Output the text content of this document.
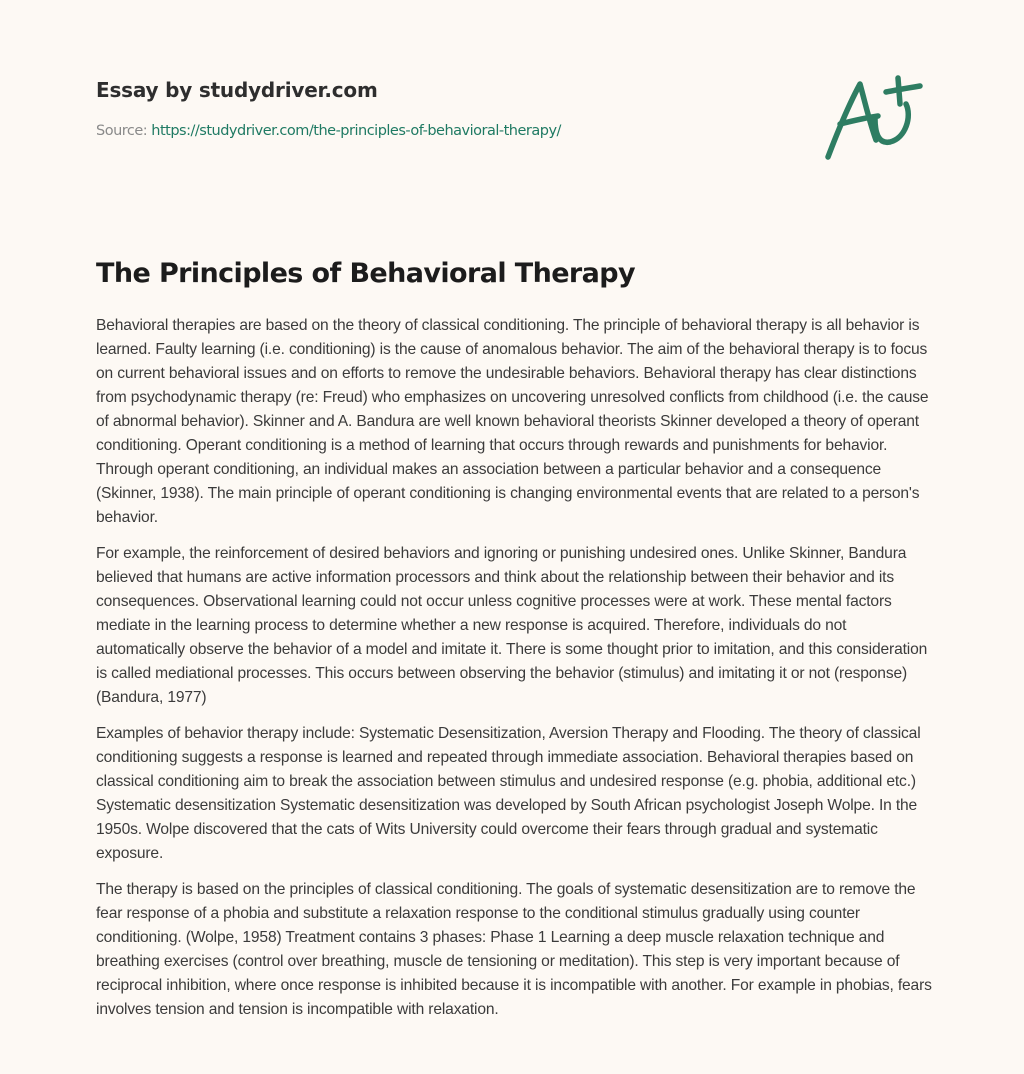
Essay by studydriver.com
Source: https://studydriver.com/the-principles-of-behavioral-therapy/
The Principles of Behavioral Therapy

Behavioral therapies are based on the theory of classical conditioning. The principle of behavioral therapy is all behavior is learned. Faulty learning (i.e. conditioning) is the cause of anomalous behavior. The aim of the behavioral therapy is to focus on current behavioral issues and on efforts to remove the undesirable behaviors. Behavioral therapy has clear distinctions from psychodynamic therapy (re: Freud) who emphasizes on uncovering unresolved conflicts from childhood (i.e. the cause of abnormal behavior). Skinner and A. Bandura are well known behavioral theorists Skinner developed a theory of operant conditioning. Operant conditioning is a method of learning that occurs through rewards and punishments for behavior. Through operant conditioning, an individual makes an association between a particular behavior and a consequence (Skinner, 1938). The main principle of operant conditioning is changing environmental events that are related to a person's behavior.

For example, the reinforcement of desired behaviors and ignoring or punishing undesired ones. Unlike Skinner, Bandura believed that humans are active information processors and think about the relationship between their behavior and its consequences. Observational learning could not occur unless cognitive processes were at work. These mental factors mediate in the learning process to determine whether a new response is acquired. Therefore, individuals do not automatically observe the behavior of a model and imitate it. There is some thought prior to imitation, and this consideration is called mediational processes. This occurs between observing the behavior (stimulus) and imitating it or not (response) (Bandura, 1977)

Examples of behavior therapy include: Systematic Desensitization, Aversion Therapy and Flooding. The theory of classical conditioning suggests a response is learned and repeated through immediate association. Behavioral therapies based on classical conditioning aim to break the association between stimulus and undesired response (e.g. phobia, additional etc.) Systematic desensitization Systematic desensitization was developed by South African psychologist Joseph Wolpe. In the 1950s. Wolpe discovered that the cats of Wits University could overcome their fears through gradual and systematic exposure.

The therapy is based on the principles of classical conditioning. The goals of systematic desensitization are to remove the fear response of a phobia and substitute a relaxation response to the conditional stimulus gradually using counter conditioning. (Wolpe, 1958) Treatment contains 3 phases: Phase 1 Learning a deep muscle relaxation technique and breathing exercises (control over breathing, muscle de tensioning or meditation). This step is very important because of reciprocal inhibition, where once response is inhibited because it is incompatible with another. For example in phobias, fears involves tension and tension is incompatible with relaxation.
